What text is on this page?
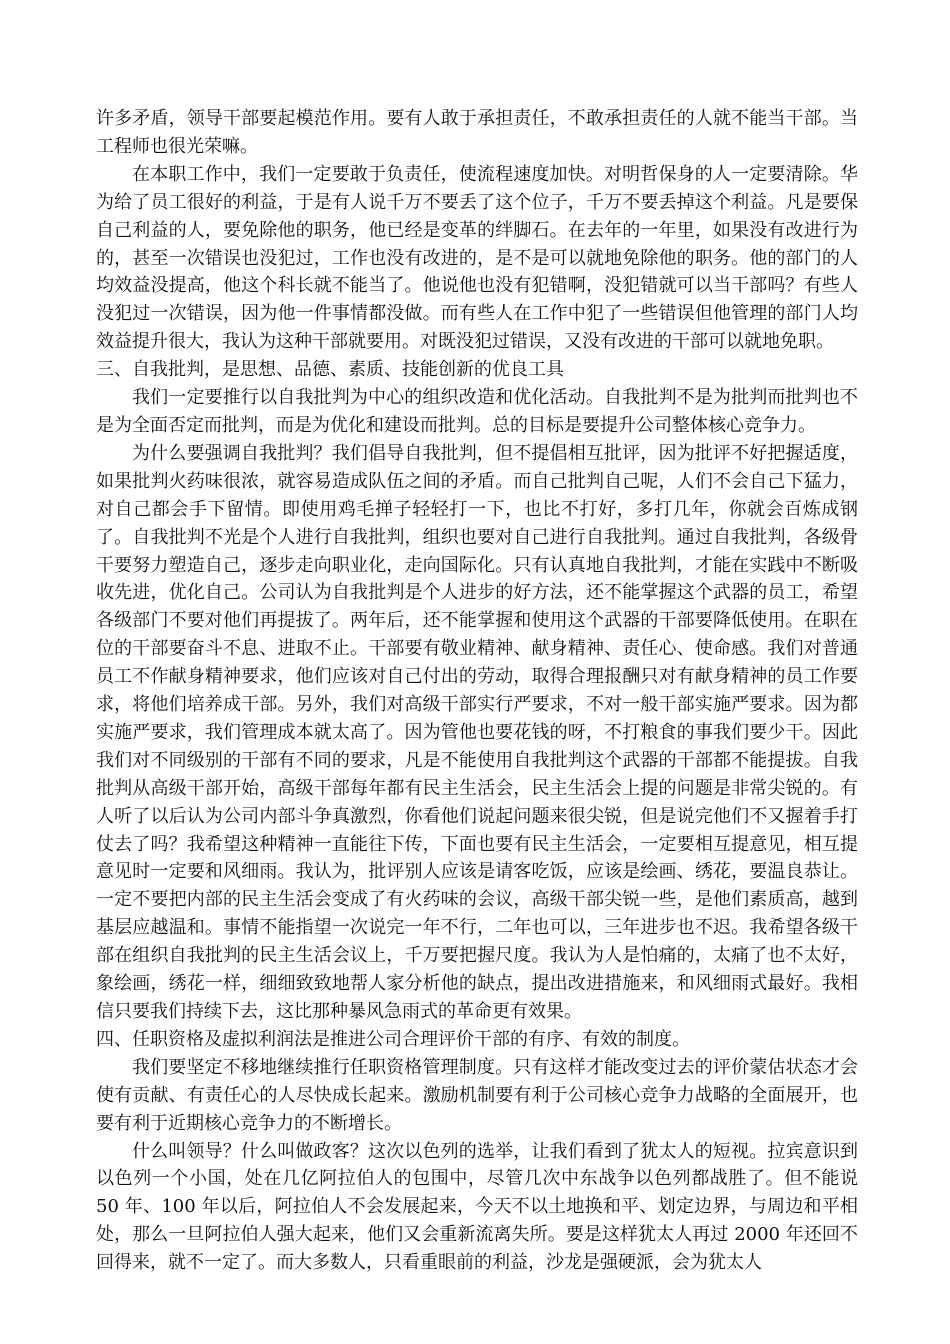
许多矛盾，领导干部要起模范作用。要有人敢于承担责任，不敢承担责任的人就不能当干部。当工程师也很光荣嘛。

在本职工作中，我们一定要敢于负责任，使流程速度加快。对明哲保身的人一定要清除。华为给了员工很好的利益，于是有人说千万不要丢了这个位子，千万不要丢掉这个利益。凡是要保自己利益的人，要免除他的职务，他已经是变革的绊脚石。在去年的一年里，如果没有改进行为的，甚至一次错误也没犯过，工作也没有改进的，是不是可以就地免除他的职务。他的部门的人均效益没提高，他这个科长就不能当了。他说他也没有犯错啊，没犯错就可以当干部吗？有些人没犯过一次错误，因为他一件事情都没做。而有些人在工作中犯了一些错误但他管理的部门人均效益提升很大，我认为这种干部就要用。对既没犯过错误，又没有改进的干部可以就地免职。

三、自我批判，是思想、品德、素质、技能创新的优良工具

我们一定要推行以自我批判为中心的组织改造和优化活动。自我批判不是为批判而批判也不是为全面否定而批判，而是为优化和建设而批判。总的目标是要提升公司整体核心竞争力。

为什么要强调自我批判？我们倡导自我批判，但不提倡相互批评，因为批评不好把握适度，如果批判火药味很浓，就容易造成队伍之间的矛盾。而自己批判自己呢，人们不会自己下猛力，对自己都会手下留情。即使用鸡毛掸子轻轻打一下，也比不打好，多打几年，你就会百炼成钢了。自我批判不光是个人进行自我批判，组织也要对自己进行自我批判。通过自我批判，各级骨干要努力塑造自己，逐步走向职业化，走向国际化。只有认真地自我批判，才能在实践中不断吸收先进，优化自己。公司认为自我批判是个人进步的好方法，还不能掌握这个武器的员工，希望各级部门不要对他们再提拔了。两年后，还不能掌握和使用这个武器的干部要降低使用。在职在位的干部要奋斗不息、进取不止。干部要有敬业精神、献身精神、责任心、使命感。我们对普通员工不作献身精神要求，他们应该对自己付出的劳动，取得合理报酬只对有献身精神的员工作要求，将他们培养成干部。另外，我们对高级干部实行严要求，不对一般干部实施严要求。因为都实施严要求，我们管理成本就太高了。因为管他也要花钱的呀，不打粮食的事我们要少干。因此我们对不同级别的干部有不同的要求，凡是不能使用自我批判这个武器的干部都不能提拔。自我批判从高级干部开始，高级干部每年都有民主生活会，民主生活会上提的问题是非常尖锐的。有人听了以后认为公司内部斗争真激烈，你看他们说起问题来很尖锐，但是说完他们不又握着手打仗去了吗？我希望这种精神一直能往下传，下面也要有民主生活会，一定要相互提意见，相互提意见时一定要和风细雨。我认为，批评别人应该是请客吃饭，应该是绘画、绣花，要温良恭让。一定不要把内部的民主生活会变成了有火药味的会议，高级干部尖锐一些，是他们素质高，越到基层应越温和。事情不能指望一次说完一年不行，二年也可以，三年进步也不迟。我希望各级干部在组织自我批判的民主生活会议上，千万要把握尺度。我认为人是怕痛的，太痛了也不太好，象绘画，绣花一样，细细致致地帮人家分析他的缺点，提出改进措施来，和风细雨式最好。我相信只要我们持续下去，这比那种暴风急雨式的革命更有效果。

四、任职资格及虚拟利润法是推进公司合理评价干部的有序、有效的制度。

我们要坚定不移地继续推行任职资格管理制度。只有这样才能改变过去的评价蒙估状态才会使有贡献、有责任心的人尽快成长起来。激励机制要有利于公司核心竞争力战略的全面展开，也要有利于近期核心竞争力的不断增长。

什么叫领导？什么叫做政客？这次以色列的选举，让我们看到了犹太人的短视。拉宾意识到以色列一个小国，处在几亿阿拉伯人的包围中，尽管几次中东战争以色列都战胜了。但不能说 50 年、100 年以后，阿拉伯人不会发展起来，今天不以土地换和平、划定边界，与周边和平相处，那么一旦阿拉伯人强大起来，他们又会重新流离失所。要是这样犹太人再过 2000 年还回不回得来，就不一定了。而大多数人，只看重眼前的利益，沙龙是强硬派，会为犹太人
